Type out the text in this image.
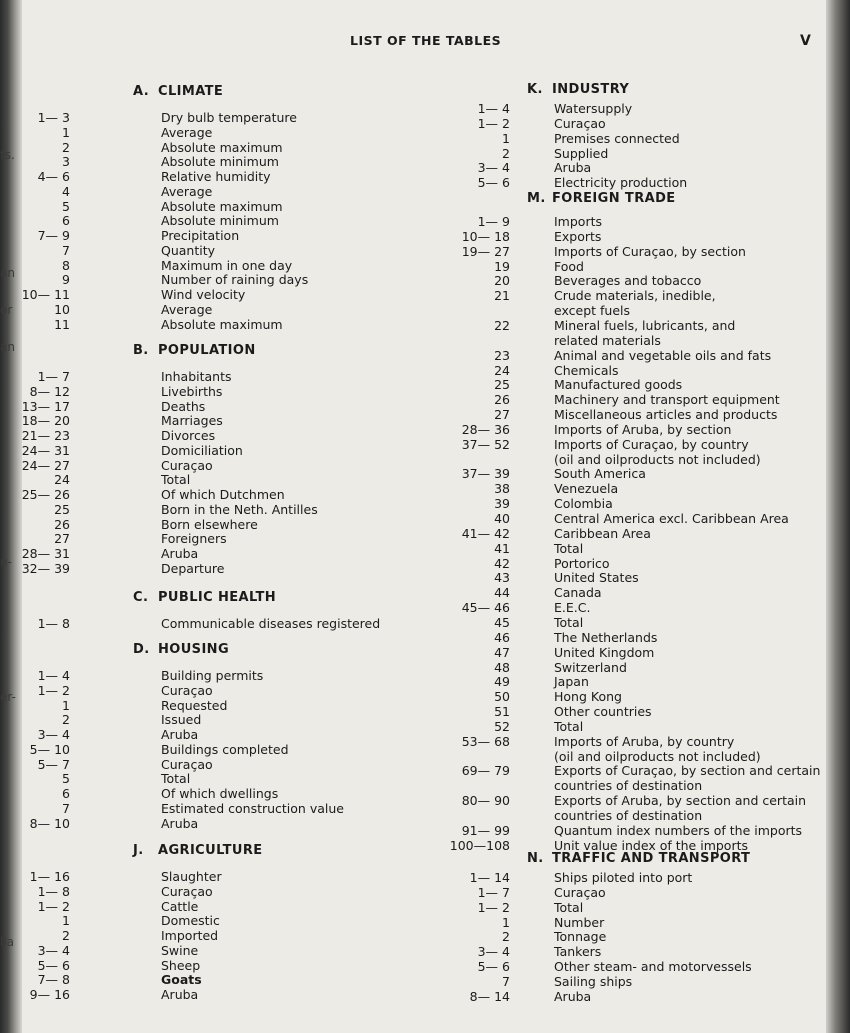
ts.
an
or
an
n-
er-
lia
LIST OF THE TABLES	V
A. CLIMATE
1— 3	Dry bulb temperature
1	Average
2	Absolute maximum
3	Absolute minimum
4— 6	Relative humidity
4	Average
5	Absolute maximum
6	Absolute minimum
7— 9	Precipitation
7	Quantity
8	Maximum in one day
9	Number of raining days
10— 11	Wind velocity
10	Average
11	Absolute maximum
B. POPULATION
1— 7	Inhabitants
8— 12	Livebirths
13— 17	Deaths
18— 20	Marriages
21— 23	Divorces
24— 31	Domiciliation
24— 27	Curaçao
24	Total
25— 26	Of which Dutchmen
25	Born in the Neth. Antilles
26	Born elsewhere
27	Foreigners
28— 31	Aruba
32— 39	Departure
C. PUBLIC HEALTH
1— 8	Communicable diseases registered
D. HOUSING
1— 4	Building permits
1— 2	Curaçao
1	Requested
2	Issued
3— 4	Aruba
5— 10	Buildings completed
5— 7	Curaçao
5	Total
6	Of which dwellings
7	Estimated construction value
8— 10	Aruba
J. AGRICULTURE
1— 16	Slaughter
1— 8	Curaçao
1— 2	Cattle
1	Domestic
2	Imported
3— 4	Swine
5— 6	Sheep
7— 8	Goats
9— 16	Aruba
K. INDUSTRY
1— 4	Watersupply
1— 2	Curaçao
1	Premises connected
2	Supplied
3— 4	Aruba
5— 6	Electricity production
M. FOREIGN TRADE
1— 9	Imports
10— 18	Exports
19— 27	Imports of Curaçao, by section
19	Food
20	Beverages and tobacco
21	Crude materials, inedible,
except fuels
22	Mineral fuels, lubricants, and
related materials
23	Animal and vegetable oils and fats
24	Chemicals
25	Manufactured goods
26	Machinery and transport equipment
27	Miscellaneous articles and products
28— 36	Imports of Aruba, by section
37— 52	Imports of Curaçao, by country
(oil and oilproducts not included)
37— 39	South America
38	Venezuela
39	Colombia
40	Central America excl. Caribbean Area
41— 42	Caribbean Area
41	Total
42	Portorico
43	United States
44	Canada
45— 46	E.E.C.
45	Total
46	The Netherlands
47	United Kingdom
48	Switzerland
49	Japan
50	Hong Kong
51	Other countries
52	Total
53— 68	Imports of Aruba, by country
(oil and oilproducts not included)
69— 79	Exports of Curaçao, by section and certain
countries of destination
80— 90	Exports of Aruba, by section and certain
countries of destination
91— 99	Quantum index numbers of the imports
100—108	Unit value index of the imports
N. TRAFFIC AND TRANSPORT
1— 14	Ships piloted into port
1— 7	Curaçao
1— 2	Total
1	Number
2	Tonnage
3— 4	Tankers
5— 6	Other steam- and motorvessels
7	Sailing ships
8— 14	Aruba
